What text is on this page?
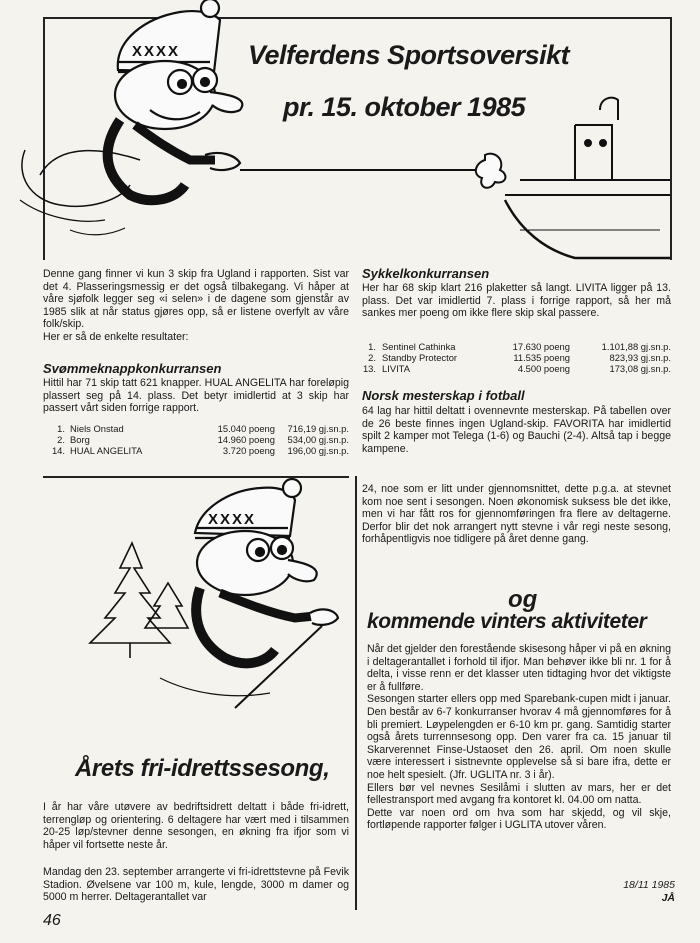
XXXX	Velferdens Sportsoversikt
pr. 15. oktober 1985

Denne gang finner vi kun 3 skip fra Ugland i rapporten. Sist var det 4. Plasseringsmessig er det også tilbakegang. Vi håper at våre sjøfolk legger seg «i selen» i de dagene som gjenstår av 1985 slik at når status gjøres opp, så er listene overfylt av våre folk/skip.

Her er så de enkelte resultater:

Svømmeknappkonkurransen

Hittil har 71 skip tatt 621 knapper. HUAL ANGELITA har foreløpig plassert seg på 14. plass. Det betyr imidlertid at 3 skip har passert vårt siden forrige rapport.

1. Niels Onstad	15.040 poeng	716,19 gj.sn.p.
2. Borg	14.960 poeng	534,00 gj.sn.p.
14. HUAL ANGELITA	3.720 poeng	196,00 gj.sn.p.
Sykkelkonkurransen

Her har 68 skip klart 216 plaketter så langt. LIVITA ligger på 13. plass. Det var imidlertid 7. plass i forrige rapport, så her må sankes mer poeng om ikke flere skip skal passere.

1. Sentinel Cathinka	17.630 poeng	1.101,88 gj.sn.p.
2. Standby Protector	11.535 poeng	823,93 gj.sn.p.
13. LIVITA	4.500 poeng	173,08 gj.sn.p.
Norsk mesterskap i fotball

64 lag har hittil deltatt i ovennevnte mesterskap. På tabellen over de 26 beste finnes ingen Ugland-skip. FAVORITA har imidlertid spilt 2 kamper mot Telega (1-6) og Bauchi (2-4). Altså tap i begge kampene.

XXXX
Årets fri-idrettssesong,

I år har våre utøvere av bedriftsidrett deltatt i både fri-idrett, terrengløp og orientering. 6 deltagere har vært med i tilsammen 20-25 løp/stevner denne sesongen, en økning fra ifjor som vi håper vil fortsette neste år.

Mandag den 23. september arrangerte vi fri-idrettstevne på Fevik Stadion. Øvelsene var 100 m, kule, lengde, 3000 m damer og 5000 m herrer. Deltagerantallet var

24, noe som er litt under gjennomsnittet, dette p.g.a. at stevnet kom noe sent i sesongen. Noen økonomisk suksess ble det ikke, men vi har fått ros for gjennomføringen fra flere av deltagerne. Derfor blir det nok arrangert nytt stevne i vår regi neste sesong, forhåpentligvis noe tidligere på året denne gang.

og
kommende vinters aktiviteter

Når det gjelder den forestående skisesong håper vi på en økning i deltagerantallet i forhold til ifjor. Man behøver ikke bli nr. 1 for å delta, i visse renn er det klasser uten tidtaging hvor det viktigste er å fullføre.

Sesongen starter ellers opp med Sparebank-cupen midt i januar. Den består av 6-7 konkurranser hvorav 4 må gjennomføres for å bli premiert. Løypelengden er 6-10 km pr. gang. Samtidig starter også årets turrennsesong opp. Den varer fra ca. 15 januar til Skarverennet Finse-Ustaoset den 26. april. Om noen skulle være interessert i sistnevnte opplevelse så si bare ifra, dette er noe helt spesielt. (Jfr. UGLITA nr. 3 i år).

Ellers bør vel nevnes Sesilåmi i slutten av mars, her er det fellestransport med avgang fra kontoret kl. 04.00 om natta.

Dette var noen ord om hva som har skjedd, og vil skje, fortløpende rapporter følger i UGLITA utover våren.

18/11 1985
JÅ
46
